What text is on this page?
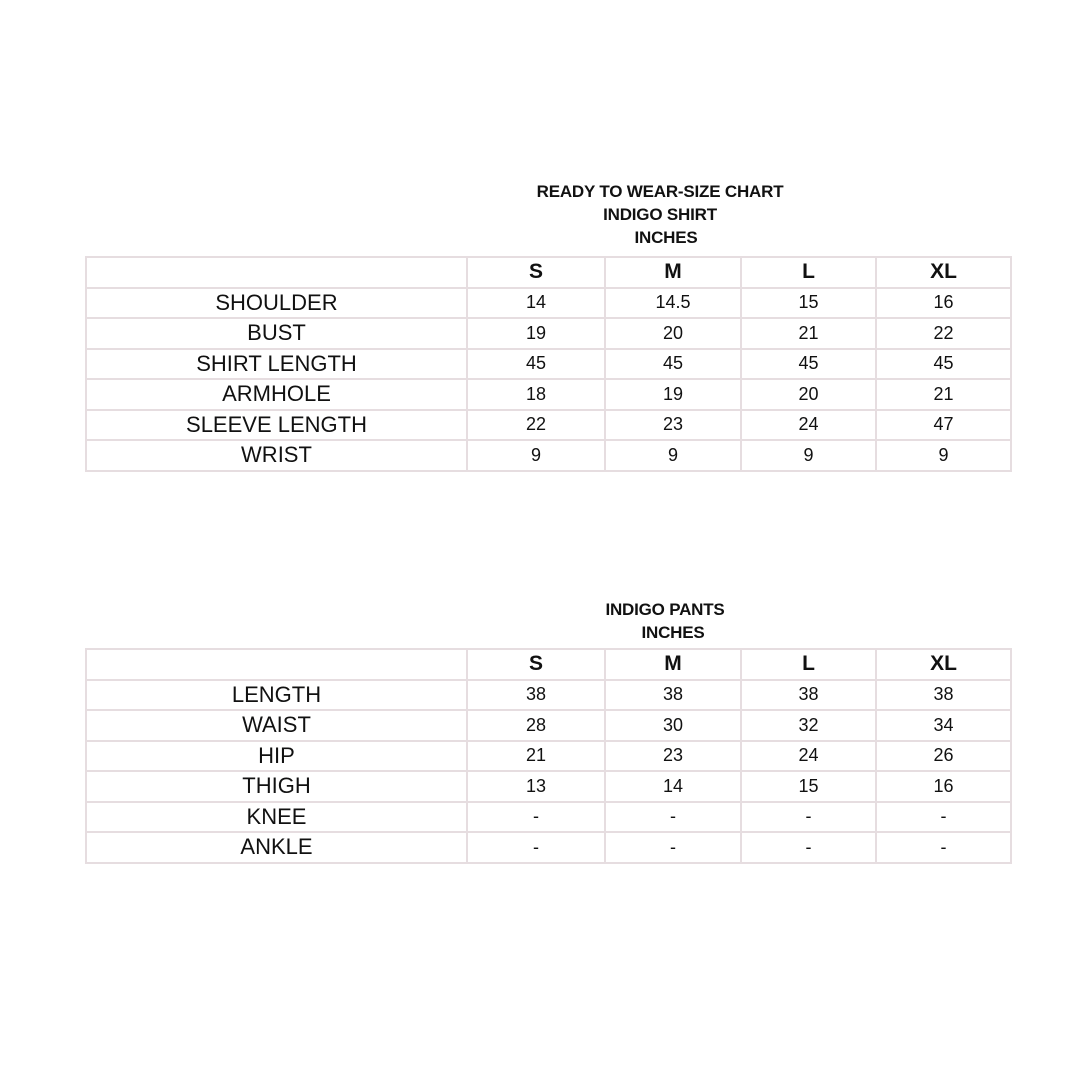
READY TO WEAR-SIZE CHART
INDIGO SHIRT
INCHES
	S	M	L	XL
SHOULDER	14	14.5	15	16
BUST	19	20	21	22
SHIRT LENGTH	45	45	45	45
ARMHOLE	18	19	20	21
SLEEVE LENGTH	22	23	24	47
WRIST	9	9	9	9
INDIGO PANTS
INCHES
	S	M	L	XL
LENGTH	38	38	38	38
WAIST	28	30	32	34
HIP	21	23	24	26
THIGH	13	14	15	16
KNEE	-	-	-	-
ANKLE	-	-	-	-
